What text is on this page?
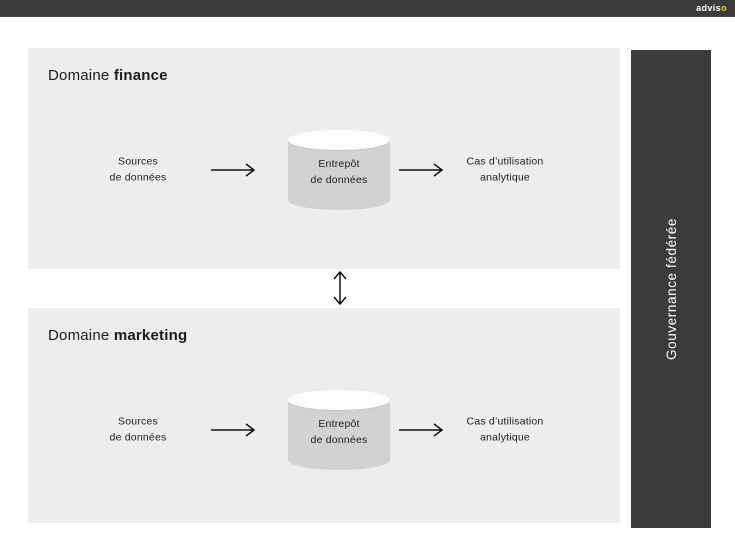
adviso
Domaine finance
Sources
de données
Entrepôt
de données
Cas d’utilisation
analytique
Domaine marketing
Sources
de données
Entrepôt
de données
Cas d’utilisation
analytique
Gouvernance fédérée
